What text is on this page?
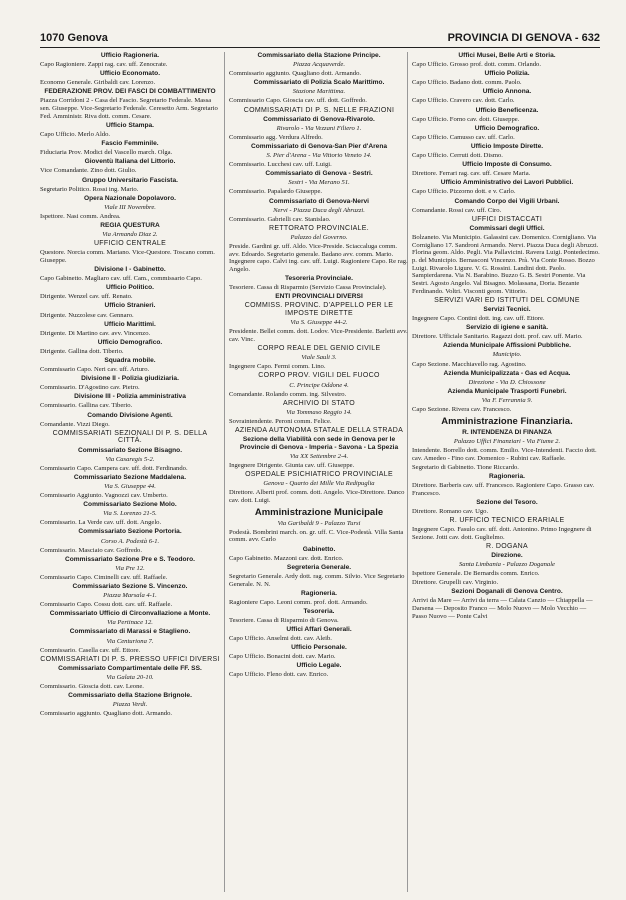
1070 Genova	PROVINCIA DI GENOVA - 632
Ufficio Ragioneria.
Capo Ragioniere. Zappi rag. cav. uff. Zenocrate.
Ufficio Economato.
Economo Generale. Giribaldi cav. Lorenzo.
FEDERAZIONE PROV. DEI FASCI DI COMBATTIMENTO
Piazza Corridoni 2 - Casa del Fascio. Segretario Federale. Massa sen. Giuseppe. Vice-Segretario Federale. Ceresetto Arm. Segretario Fed. Amministr. Riva dott. comm. Cesare.
Ufficio Stampa.
Capo Ufficio. Merlo Aldo.
Fascio Femminile.
Fiduciaria Prov. Modici del Vascello march. Olga.
Gioventù Italiana del Littorio.
Vice Comandante. Zino dott. Giulio.
Gruppo Universitario Fascista.
Segretario Politico. Rossi ing. Mario.
Opera Nazionale Dopolavoro.
Viale III Novembre.
Ispettore. Nasi comm. Andrea.
REGIA QUESTURA
Via Armando Diaz 2.
UFFICIO CENTRALE
Questore. Norcia comm. Mariano. Vice-Questore. Toscano comm. Giuseppe.
Divisione I - Gabinetto.
Capo Gabinetto. Magliaro cav. uff. Cam., commissario Capo.
Ufficio Politico.
Dirigente. Wenzel cav. uff. Renato.
Ufficio Stranieri.
Dirigente. Nuzzolese cav. Gennaro.
Ufficio Marittimi.
Dirigente. Di Martino cav. avv. Vincenzo.
Ufficio Demografico.
Dirigente. Gallina dott. Tiberio.
Squadra mobile.
Commissario Capo. Neri cav. uff. Arturo.
Divisione II - Polizia giudiziaria.
Commissario. D'Agostino cav. Pietro.
Divisione III - Polizia amministrativa
Commissario. Gallina cav. Tiberio.
Comando Divisione Agenti.
Comandante. Vizzi Diego.
COMMISSARIATI SEZIONALI DI P. S. DELLA CITTÀ.
Commissariato Sezione Bisagno.
Via Casaregis 5-2.
Commissario Capo. Campera cav. uff. dott. Ferdinando.
Commissariato Sezione Maddalena.
Via S. Giuseppe 44.
Commissario Aggiunto. Vagnozzi cav. Umberto.
Commissariato Sezione Molo.
Via S. Lorenzo 21-5.
Commissario. La Verde cav. uff. dott. Angelo.
Commissariato Sezione Portoria.
Corso A. Podestà 6-1.
Commissario. Masciaio cav. Goffredo.
Commissariato Sezione Pre e S. Teodoro.
Via Pre 12.
Commissario Capo. Ciminelli cav. uff. Raffaele.
Commissariato Sezione S. Vincenzo.
Piazza Marsala 4-1.
Commissario Capo. Cossu dott. cav. uff. Raffaele.
Commissariato Ufficio di Circonvallazione a Monte.
Via Pertinace 12.
Commissariato di Marassi e Staglieno.
Via Centuriona 7.
Commissario. Casella cav. uff. Ettore.
COMMISSARIATI DI P. S. PRESSO UFFICI DIVERSI
Commissariato Compartimentale delle FF. SS.
Via Galata 20-10.
Commissario. Gioscia dott. cav. Leone.
Commissariato della Stazione Brignole.
Piazza Verdi.
Commissario aggiunto. Quagliano dott. Armando.
Commissariato della Stazione Principe.
Piazza Acquaverde.
Commissario aggiunto. Quagliano dott. Armando.
Commissariato di Polizia Scalo Marittimo.
Stazione Marittima.
Commissario Capo. Gioscia cav. uff. dott. Goffredo.
COMMISSARIATI DI P. S. NELLE FRAZIONI
Commissariato di Genova-Rivarolo.
Rivarolo - Via Vezzani Filiero 1.
Commissario agg. Verdura Alfredo.
Commissariato di Genova-San Pier d'Arena
S. Pier d'Arena - Via Vittorio Veneto 14.
Commissario. Lucchesi cav. uff. Luigi.
Commissariato di Genova - Sestri.
Sestri - Via Merano 51.
Commissario. Papalardo Giuseppe.
Commissariato di Genova-Nervi
Nervi - Piazza Duca degli Abruzzi.
Commissario. Gabrielli cav. Stanislao.
RETTORATO PROVINCIALE.
Palazzo del Governo.
Preside. Gardini gr. uff. Aldo. Vice-Preside. Sciaccaluga comm. avv. Edoardo. Segretario generale. Badano avv. comm. Mario. Ingegnere capo. Calvi ing. cav. uff. Luigi. Ragioniere Capo. Re rag. Angelo.
Tesoreria Provinciale.
Tesoriere. Cassa di Risparmio (Servizio Cassa Provinciale).
ENTI PROVINCIALI DIVERSI
COMMISS. PROVINC. D'APPELLO PER LE IMPOSTE DIRETTE
Via S. Giuseppe 44-2.
Presidente. Bellei comm. dott. Lodov. Vice-Presidente. Barletti avv. cav. Vinc.
CORPO REALE DEL GENIO CIVILE
Viale Sauli 3.
Ingegnere Capo. Fermi comm. Lino.
CORPO PROV. VIGILI DEL FUOCO
C. Principe Oddone 4.
Comandante. Rolando comm. ing. Silvestro.
ARCHIVIO DI STATO
Via Tommaso Reggio 14.
Sovraintendente. Peroni comm. Felice.
AZIENDA AUTONOMA STATALE DELLA STRADA
Sezione della Viabilità con sede in Genova per le Provincie di Genova - Imperia - Savona - La Spezia
Via XX Settembre 2-4.
Ingegnere Dirigente. Giunta cav. uff. Giuseppe.
OSPEDALE PSICHIATRICO PROVINCIALE
Genova - Quarto dei Mille Via Redipuglia
Direttore. Alberti prof. comm. dott. Angelo. Vice-Direttore. Danco cav. dott. Luigi.
Amministrazione Municipale
Via Garibaldi 9 - Palazzo Tursi
Podestà. Bombrini march. on. gr. uff. C. Vice-Podestà. Villa Santa comm. avv. Carlo
Gabinetto.
Capo Gabinetto. Mazzoni cav. dott. Enrico.
Segreteria Generale.
Segretario Generale. Ardy dott. rag. comm. Silvio. Vice Segretario Generale. N. N.
Ragioneria.
Ragioniere Capo. Leoni comm. prof. dott. Armando.
Tesoreria.
Tesoriere. Cassa di Risparmio di Genova.
Uffici Affari Generali.
Capo Ufficio. Anselmi dott. cav. Aleib.
Ufficio Personale.
Capo Ufficio. Bonacini dott. cav. Mario.
Ufficio Legale.
Capo Ufficio. Fleno dott. cav. Enrico.
Uffici Musei, Belle Arti e Storia.
Capo Ufficio. Grosso prof. dott. comm. Orlando.
Ufficio Polizia.
Capo Ufficio. Badano dott. comm. Paolo.
Ufficio Annona.
Capo Ufficio. Cravero cav. dott. Carlo.
Ufficio Beneficenza.
Capo Ufficio. Forno cav. dott. Giuseppe.
Ufficio Demografico.
Capo Ufficio. Camusso cav. uff. Carlo.
Ufficio Imposte Dirette.
Capo Ufficio. Cerruti dott. Dismo.
Ufficio Imposte di Consumo.
Direttore. Ferrari rag. cav. uff. Cesare Maria.
Ufficio Amministrativo dei Lavori Pubblici.
Capo Ufficio. Pizzorno dott. e v. Carlo.
Comando Corpo dei Vigili Urbani.
Comandante. Rossi cav. uff. Ciro.
UFFICI DISTACCATI
Commissari degli Uffici.
Bolzaneto. Via Municipio. Galassini cav. Domenico. Cornigliano. Via Cornigliano 17. Sandroni Armando. Nervi. Piazza Duca degli Abruzzi. Florina geom. Aldo. Pegli. Via Pallavicini. Ravera Luigi. Pontedecimo. p. del Municipio. Bernasconi Vincenzo. Prà. Via Conte Rosso. Bozzo Luigi. Rivarolo Ligure. V. G. Rossini. Landini dott. Paolo. Sampierdarena. Via N. Barabino. Buzzo G. B. Sestri Ponente. Via Sestri. Agosto Angelo. Val Bisagno. Molassana, Doria. Bezante Ferdinando. Voltri. Visconti geom. Vittorio.
SERVIZI VARI ED ISTITUTI DEL COMUNE
Servizi Tecnici.
Ingegnere Capo. Contini dott. ing. cav. uff. Ettore.
Servizio di igiene e sanità.
Direttore. Ufficiale Sanitario. Ragazzi dott. prof. cav. uff. Mario.
Azienda Municipale Affissioni Pubbliche.
Municipio.
Capo Sezione. Macchiavello rag. Agostino.
Azienda Municipalizzata - Gas ed Acqua.
Direzione - Via D. Chiossone
Azienda Municipale Trasporti Funebri.
Via F. Ferrannia 9.
Capo Sezione. Rivera cav. Francesco.
Amministrazione Finanziaria.
R. INTENDENZA DI FINANZA
Palazzo Uffici Finanziari - Via Fiume 2.
Intendente. Borrello dott. comm. Emilio. Vice-Intendenti. Faccio dott. cav. Amedeo - Fino cav. Domenico - Rubini cav. Raffaele.
Segretario di Gabinetto. Tione Riccardo.
Ragioneria.
Direttore. Barberis cav. uff. Francesco. Ragioniere Capo. Grasso cav. Francesco.
Sezione del Tesoro.
Direttore. Romano cav. Ugo.
R. UFFICIO TECNICO ERARIALE
Ingegnere Capo. Fasulo cav. uff. dott. Antonino. Primo Ingegnere di Sezione. Jotti cav. dott. Guglielmo.
R. DOGANA
Direzione.
Santa Limbania - Palazzo Doganale
Ispettore Generale. De Bernardis comm. Enrico.
Direttore. Grupelli cav. Virginio.
Sezioni Doganali di Genova Centro.
Arrivi da Mare — Arrivi da terra — Calata Canzio — Chiappella — Darsena — Deposito Franco — Molo Nuovo — Molo Vecchio — Passo Nuovo — Ponte Calvi
